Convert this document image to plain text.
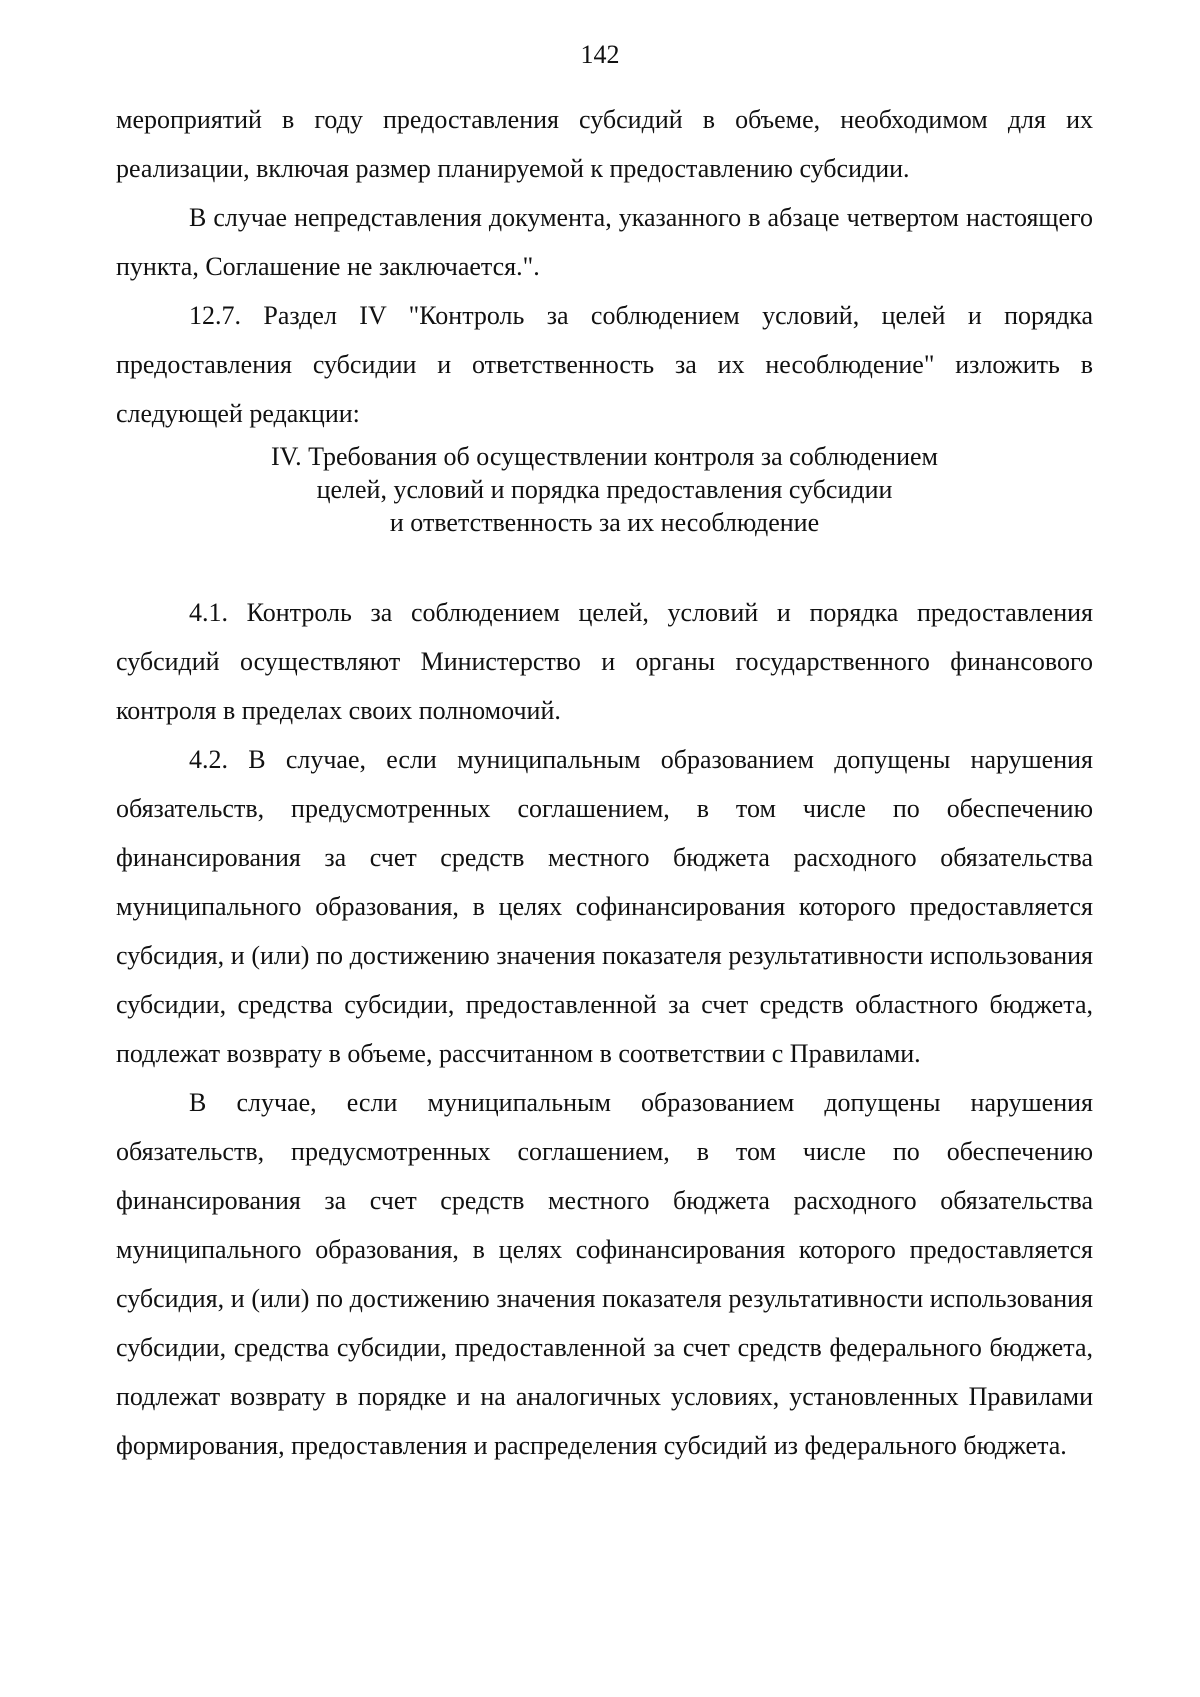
142

мероприятий в году предоставления субсидий в объеме, необходимом для их реализации, включая размер планируемой к предоставлению субсидии.

В случае непредставления документа, указанного в абзаце четвертом настоящего пункта, Соглашение не заключается.".

12.7. Раздел IV "Контроль за соблюдением условий, целей и порядка предоставления субсидии и ответственность за их несоблюдение" изложить в следующей редакции:

IV. Требования об осуществлении контроля за соблюдением
целей, условий и порядка предоставления субсидии
и ответственность за их несоблюдение

4.1. Контроль за соблюдением целей, условий и порядка предоставления субсидий осуществляют Министерство и органы государственного финансового контроля в пределах своих полномочий.

4.2. В случае, если муниципальным образованием допущены нарушения обязательств, предусмотренных соглашением, в том числе по обеспечению финансирования за счет средств местного бюджета расходного обязательства муниципального образования, в целях софинансирования которого предоставляется субсидия, и (или) по достижению значения показателя результативности использования субсидии, средства субсидии, предоставленной за счет средств областного бюджета, подлежат возврату в объеме, рассчитанном в соответствии с Правилами.

В случае, если муниципальным образованием допущены нарушения обязательств, предусмотренных соглашением, в том числе по обеспечению финансирования за счет средств местного бюджета расходного обязательства муниципального образования, в целях софинансирования которого предоставляется субсидия, и (или) по достижению значения показателя результативности использования субсидии, средства субсидии, предоставленной за счет средств федерального бюджета, подлежат возврату в порядке и на аналогичных условиях, установленных Правилами формирования, предоставления и распределения субсидий из федерального бюджета.
